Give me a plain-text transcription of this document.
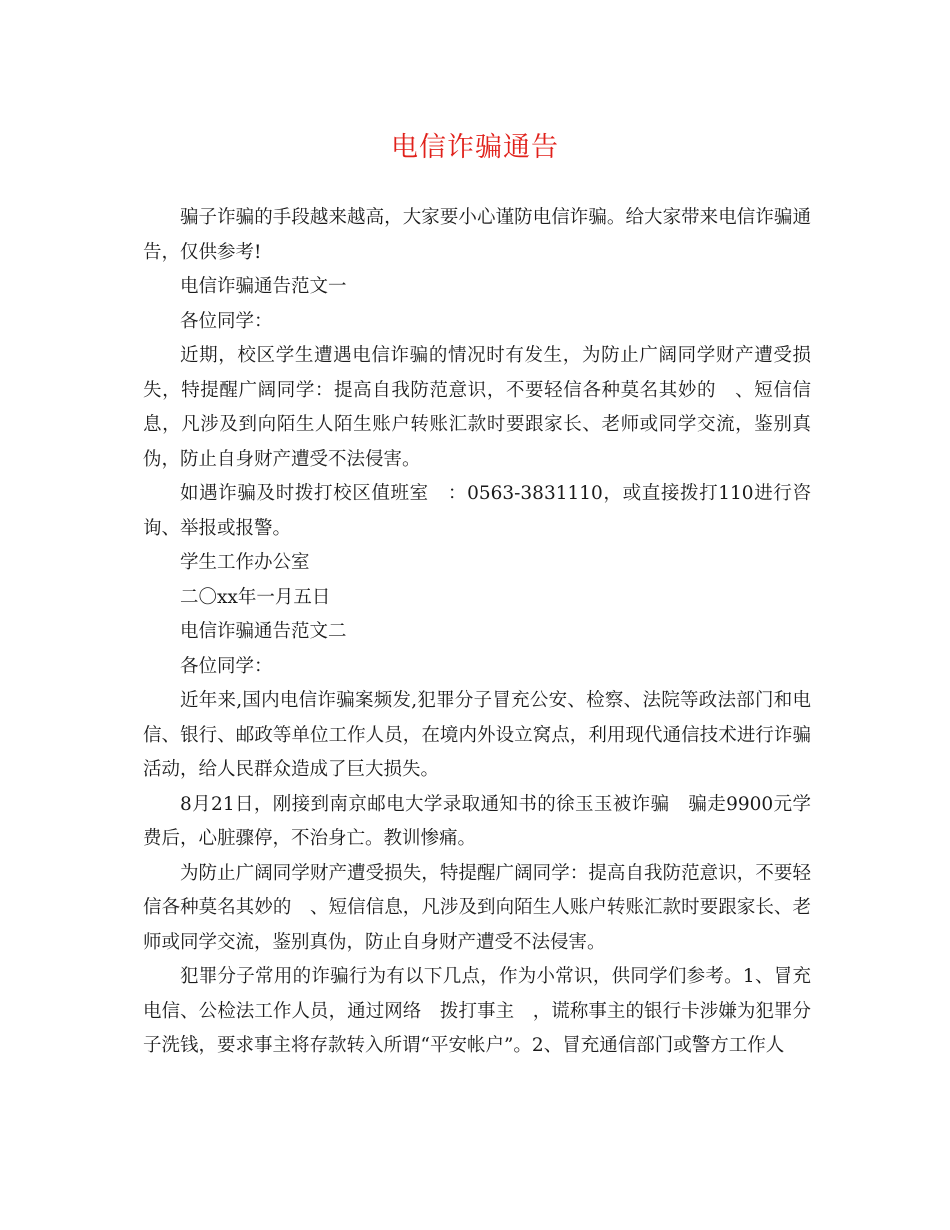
电信诈骗通告

骗子诈骗的手段越来越高，大家要小心谨防电信诈骗。给大家带来电信诈骗通告，仅供参考!

电信诈骗通告范文一

各位同学：

近期，校区学生遭遇电信诈骗的情况时有发生，为防止广阔同学财产遭受损失，特提醒广阔同学：提高自我防范意识，不要轻信各种莫名其妙的　、短信信息，凡涉及到向陌生人陌生账户转账汇款时要跟家长、老师或同学交流，鉴别真伪，防止自身财产遭受不法侵害。

如遇诈骗及时拨打校区值班室　：0563-3831110，或直接拨打110进行咨询、举报或报警。

学生工作办公室

二〇xx年一月五日

电信诈骗通告范文二

各位同学：

近年来,国内电信诈骗案频发,犯罪分子冒充公安、检察、法院等政法部门和电信、银行、邮政等单位工作人员，在境内外设立窝点，利用现代通信技术进行诈骗活动，给人民群众造成了巨大损失。

8月21日，刚接到南京邮电大学录取通知书的徐玉玉被诈骗　骗走9900元学费后，心脏骤停，不治身亡。教训惨痛。

为防止广阔同学财产遭受损失，特提醒广阔同学：提高自我防范意识，不要轻信各种莫名其妙的　、短信信息，凡涉及到向陌生人账户转账汇款时要跟家长、老师或同学交流，鉴别真伪，防止自身财产遭受不法侵害。

犯罪分子常用的诈骗行为有以下几点，作为小常识，供同学们参考。1、冒充电信、公检法工作人员，通过网络　拨打事主　，谎称事主的银行卡涉嫌为犯罪分子洗钱，要求事主将存款转入所谓“平安帐户”。2、冒充通信部门或警方工作人
